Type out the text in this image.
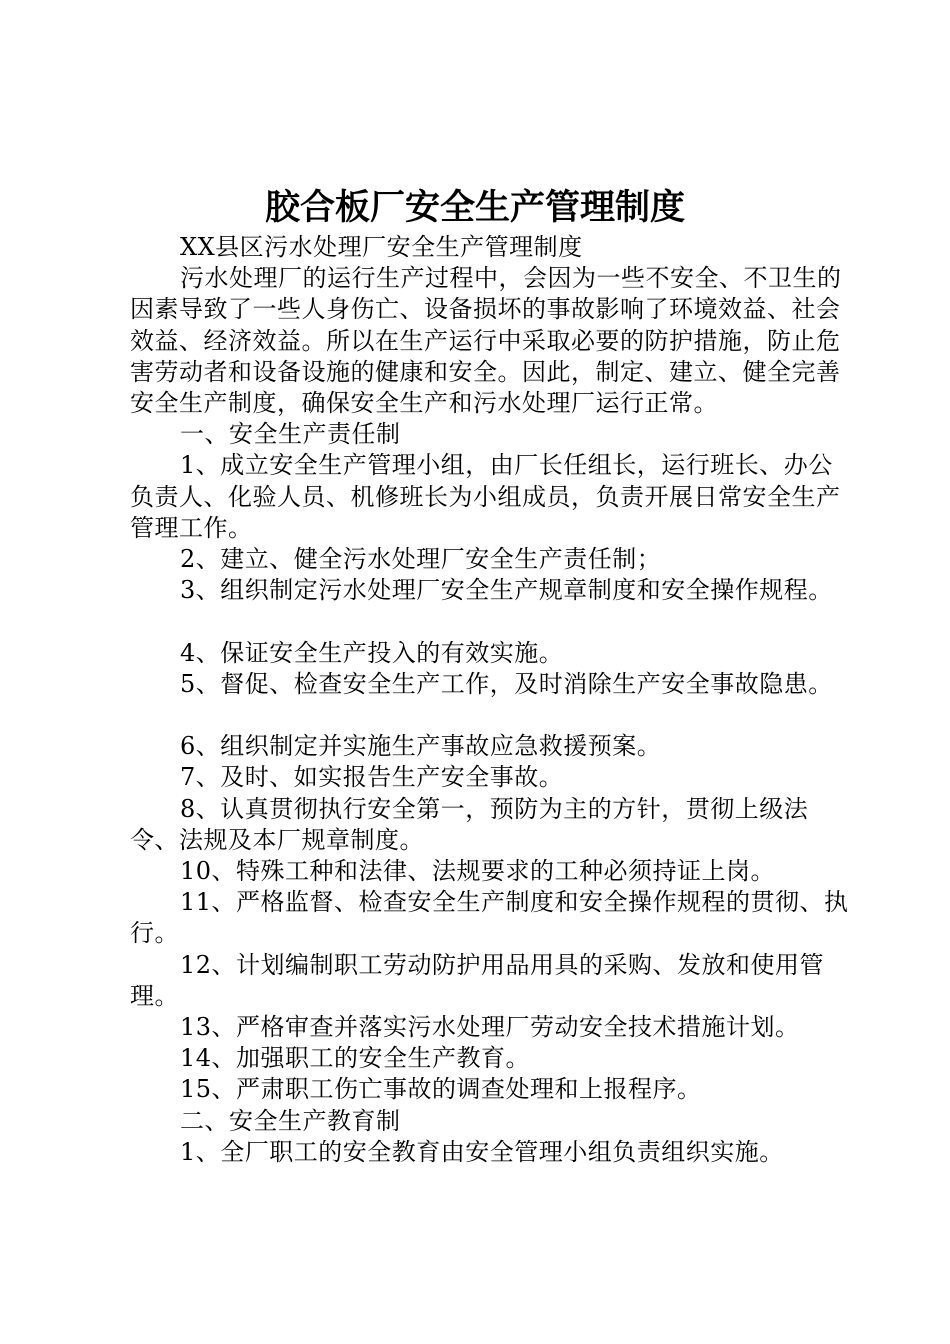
胶合板厂安全生产管理制度

XX县区污水处理厂安全生产管理制度

污水处理厂的运行生产过程中，会因为一些不安全、不卫生的因素导致了一些人身伤亡、设备损坏的事故影响了环境效益、社会效益、经济效益。所以在生产运行中采取必要的防护措施，防止危害劳动者和设备设施的健康和安全。因此，制定、建立、健全完善安全生产制度，确保安全生产和污水处理厂运行正常。

一、安全生产责任制

1、成立安全生产管理小组，由厂长任组长，运行班长、办公负责人、化验人员、机修班长为小组成员，负责开展日常安全生产管理工作。

2、建立、健全污水处理厂安全生产责任制；

3、组织制定污水处理厂安全生产规章制度和安全操作规程。

4、保证安全生产投入的有效实施。

5、督促、检查安全生产工作，及时消除生产安全事故隐患。

6、组织制定并实施生产事故应急救援预案。

7、及时、如实报告生产安全事故。

8、认真贯彻执行安全第一，预防为主的方针，贯彻上级法令、法规及本厂规章制度。

10、特殊工种和法律、法规要求的工种必须持证上岗。

11、严格监督、检查安全生产制度和安全操作规程的贯彻、执行。

12、计划编制职工劳动防护用品用具的采购、发放和使用管理。

13、严格审查并落实污水处理厂劳动安全技术措施计划。

14、加强职工的安全生产教育。

15、严肃职工伤亡事故的调查处理和上报程序。

二、安全生产教育制

1、全厂职工的安全教育由安全管理小组负责组织实施。
